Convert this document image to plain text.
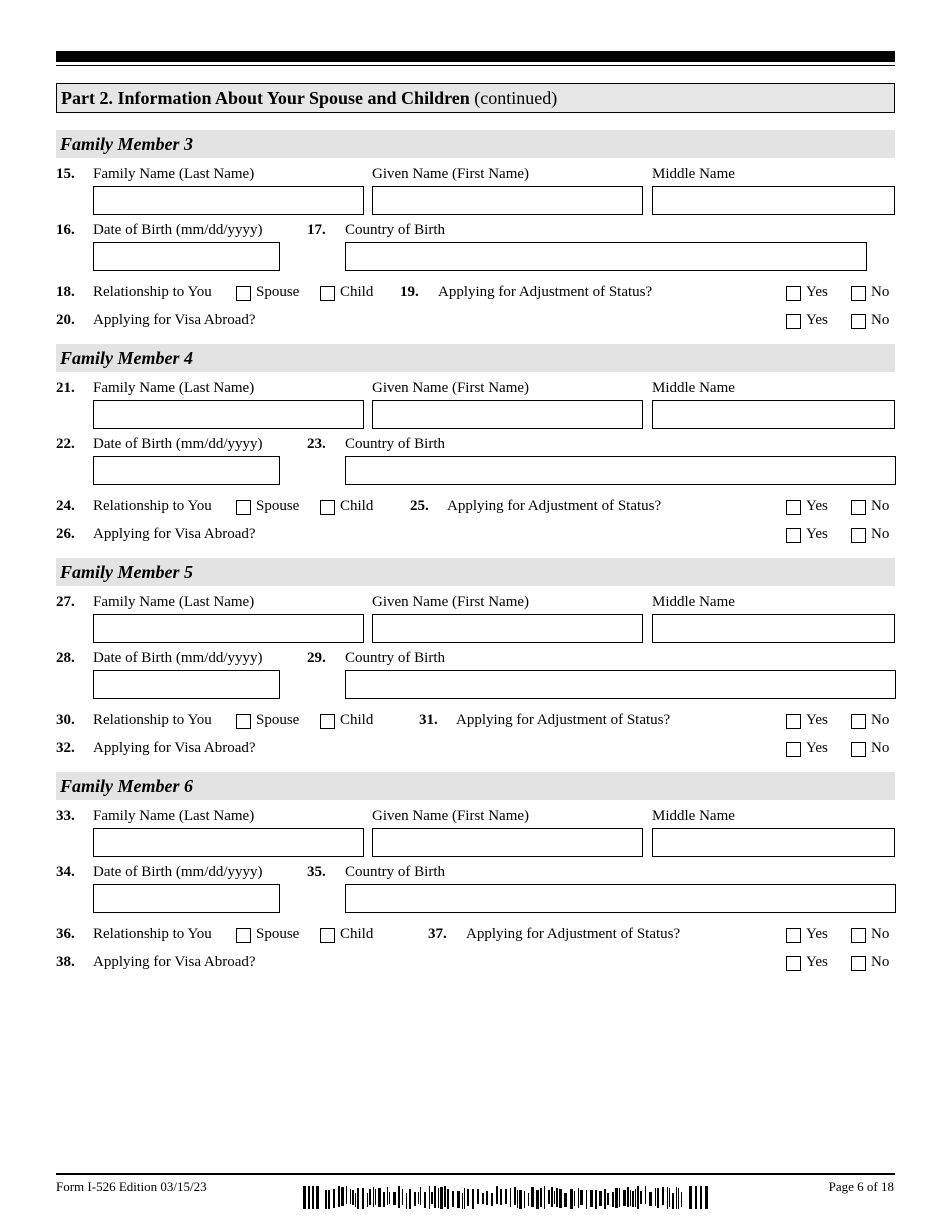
Part 2. Information About Your Spouse and Children (continued)
Family Member 3
15. Family Name (Last Name)	Given Name (First Name)	Middle Name
16. Date of Birth (mm/dd/yyyy)	17. Country of Birth
18. Relationship to You	Spouse	Child 19. Applying for Adjustment of Status?	Yes	No
20. Applying for Visa Abroad?	Yes	No
Family Member 4
21. Family Name (Last Name)	Given Name (First Name)	Middle Name
22. Date of Birth (mm/dd/yyyy)	23. Country of Birth
24. Relationship to You	Spouse	Child 25. Applying for Adjustment of Status?	Yes	No
26. Applying for Visa Abroad?	Yes	No
Family Member 5
27. Family Name (Last Name)	Given Name (First Name)	Middle Name
28. Date of Birth (mm/dd/yyyy)	29. Country of Birth
30. Relationship to You	Spouse	Child	31. Applying for Adjustment of Status?	Yes	No
32. Applying for Visa Abroad?	Yes	No
Family Member 6
33. Family Name (Last Name)	Given Name (First Name)	Middle Name
34. Date of Birth (mm/dd/yyyy)	35. Country of Birth
36. Relationship to You	Spouse	Child	37. Applying for Adjustment of Status?	Yes	No
38. Applying for Visa Abroad?	Yes	No
Form I-526 Edition 03/15/23	Page 6 of 18
